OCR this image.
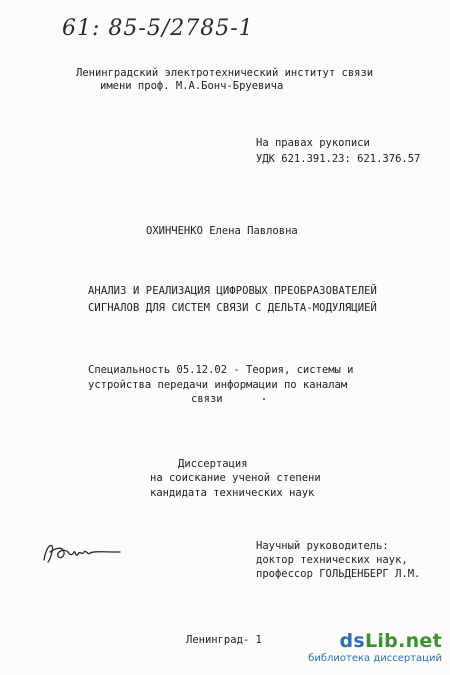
61: 85-5/2785-1
Ленинградский электротехнический институт связи
имени проф. М.А.Бонч-Бруевича
На правах рукописи
УДК 621.391.23: 621.376.57
ОХИНЧЕНКО Елена Павловна
АНАЛИЗ И РЕАЛИЗАЦИЯ ЦИФРОВЫХ ПРЕОБРАЗОВАТЕЛЕЙ
СИГНАЛОВ ДЛЯ СИСТЕМ СВЯЗИ С ДЕЛЬТА-МОДУЛЯЦИЕЙ
Специальность 05.12.02 - Теория, системы и
устройства передачи информации по каналам
связи
Диссертация
на соискание ученой степени
кандидата технических наук
Научный руководитель:
доктор технических наук,
профессор ГОЛЬДЕНБЕРГ Л.М.
Ленинград- 1	dsLib.net
библиотека диссертаций
